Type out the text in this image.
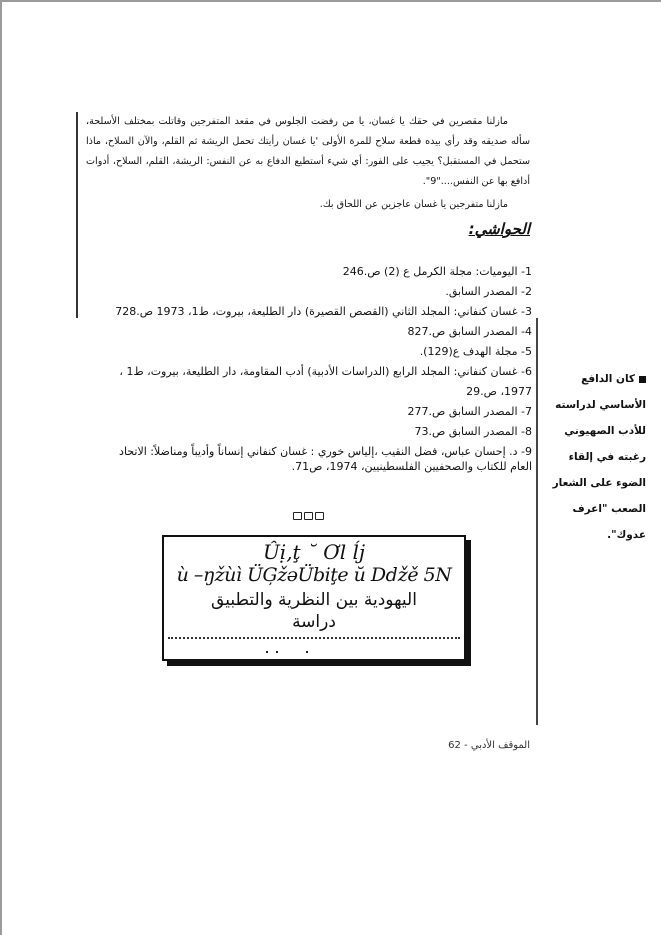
مازلنا مقصرين في حقك يا غسان، يا من رفضت الجلوس في مقعد المتفرجين وقاتلت بمختلف الأسلحة، سأله صديقه وقد رأى بيده قطعة سلاح للمرة الأولى 'يا غسان رأيتك تحمل الريشة ثم القلم، والآن السلاح، ماذا ستحمل في المستقبل؟ يجيب على الفور: أي شيء أستطيع الدفاع به عن النفس: الريشة، القلم، السلاح، أدوات أدافع بها عن النفس...."9".

مازلنا متفرجين يا غسان عاجزين عن اللحاق بك.

الحواشي:
1- اليوميات: مجلة الكرمل ع (2) ص.246
2- المصدر السابق.
3- غسان كنفاني: المجلد الثاني (القصص القصيرة) دار الطليعة، بيروت، ط1، 1973 ص.728
4- المصدر السابق ص.827
5- مجلة الهدف ع(129).
6- غسان كنفاني: المجلد الرابع (الدراسات الأدبية) أدب المقاومة، دار الطليعة، بيروت، ط1 ، 1977، ص.29
7- المصدر السابق ص.277
8- المصدر السابق ص.73
9- د. إحسان عباس، فضل النقيب ،إلياس خوري : غسان كنفاني إنساناً وأديباً ومناضلاً: الاتحاد العام للكتاب والصحفيين الفلسطينيين، 1974، ص71.
كان الدافع الأساسي لدراسته للأدب الصهيوني رغبته في إلقاء الضوء على الشعار الصعب "اعرف عدوك".
Ûị,ţ ˘ Ơl ĺj
ù –ŋžùì ÜĢžəÜbiţe ŭ Dǆě 5N
اليهودية بين النظرية والتطبيق
دراسة
الموقف الأدبي - 62
